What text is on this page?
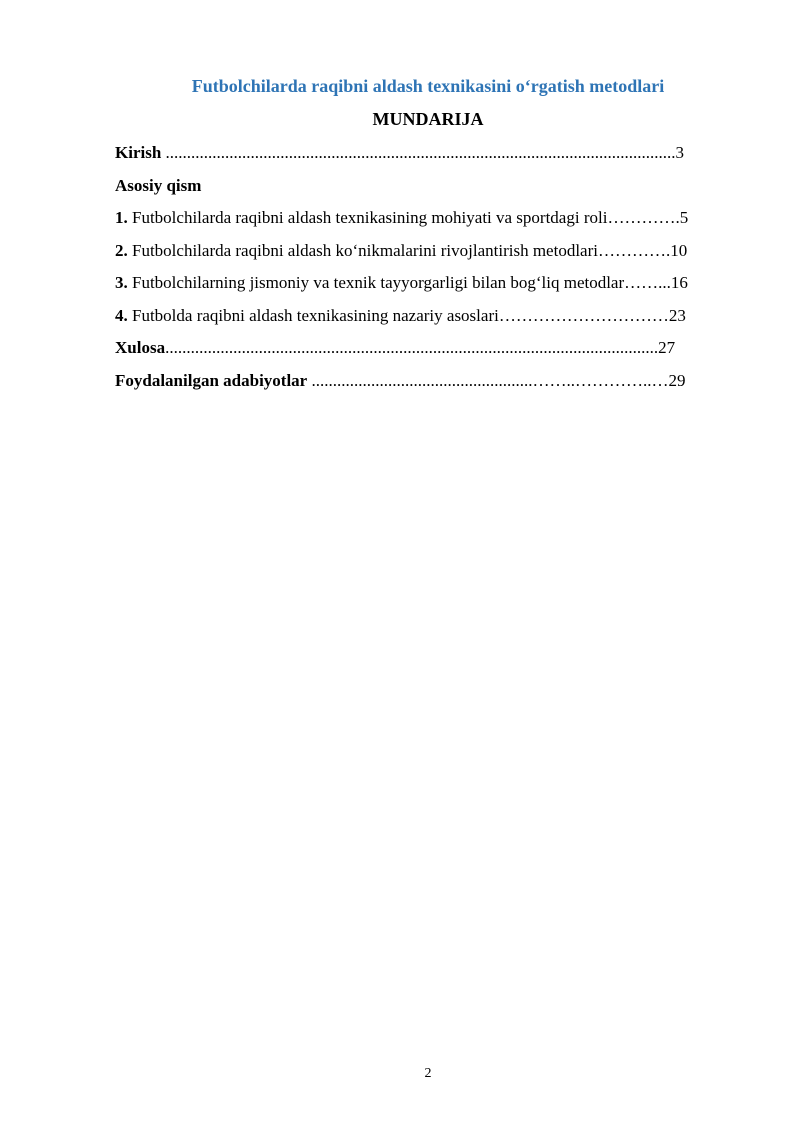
Futbolchilarda raqibni aldash texnikasini o‘rgatish metodlari
MUNDARIJA
Kirish ........................................................................................................................3
Asosiy qism
1. Futbolchilarda raqibni aldash texnikasining mohiyati va sportdagi roli………….5
2. Futbolchilarda raqibni aldash ko‘nikmalarini rivojlantirish metodlari………….10
3. Futbolchilarning jismoniy va texnik tayyorgarligi bilan bog‘liq metodlar……...16
4. Futbolda raqibni aldash texnikasining nazariy asoslari…………………………23
Xulosa....................................................................................................................27
Foydalanilgan adabiyotlar ....................................................……..…………..…29
2
